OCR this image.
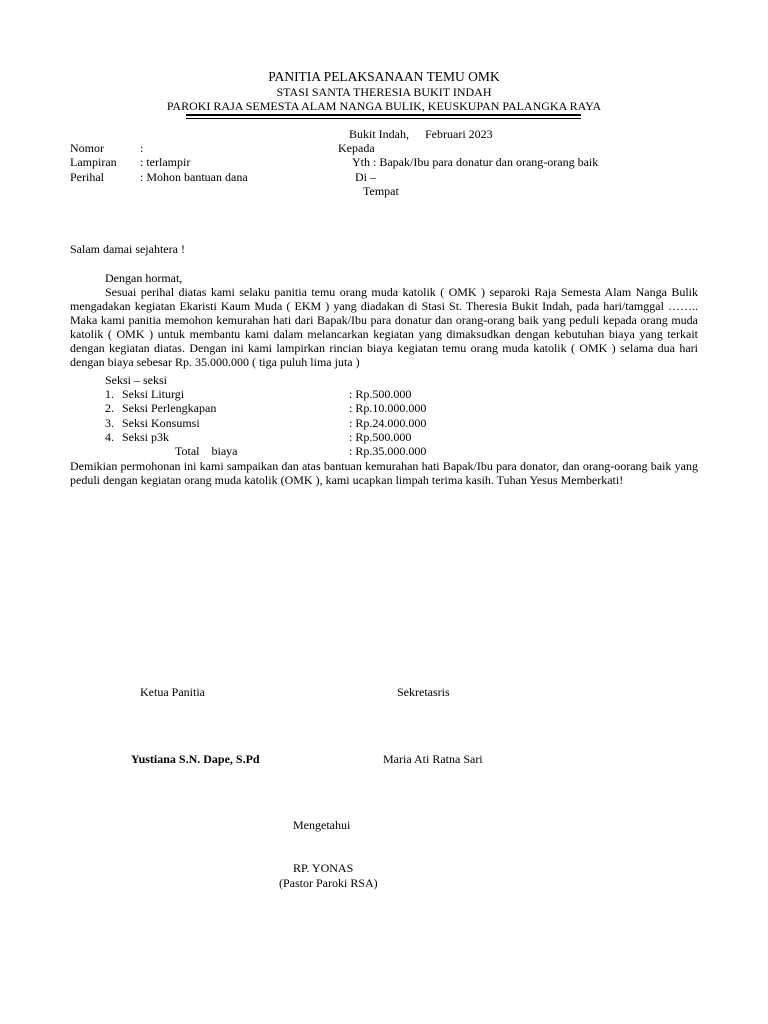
PANITIA PELAKSANAAN TEMU OMK
STASI SANTA THERESIA BUKIT INDAH
PAROKI RAJA SEMESTA ALAM NANGA BULIK, KEUSKUPAN PALANGKA RAYA
Bukit Indah, Februari 2023
Nomor	:
Lampiran : terlampir
Perihal	: Mohon bantuan dana
Kepada
Yth : Bapak/Ibu para donatur dan orang-orang baik
Di –
Tempat
Salam damai sejahtera !
Dengan hormat,
Sesuai perihal diatas kami selaku panitia temu orang muda katolik ( OMK ) separoki Raja Semesta Alam Nanga Bulik mengadakan kegiatan Ekaristi Kaum Muda ( EKM ) yang diadakan di Stasi St. Theresia Bukit Indah, pada hari/tamggal …….. Maka kami panitia memohon kemurahan hati dari Bapak/Ibu para donatur dan orang-orang baik yang peduli kepada orang muda katolik ( OMK ) untuk membantu kami dalam melancarkan kegiatan yang dimaksudkan dengan kebutuhan biaya yang terkait dengan kegiatan diatas. Dengan ini kami lampirkan rincian biaya kegiatan temu orang muda katolik ( OMK ) selama dua hari dengan biaya sebesar Rp. 35.000.000 ( tiga puluh lima juta )
Seksi – seksi
1. Seksi Liturgi	: Rp.500.000
2. Seksi Perlengkapan	: Rp.10.000.000
3. Seksi Konsumsi	: Rp.24.000.000
4. Seksi p3k	: Rp.500.000
Total    biaya	: Rp.35.000.000
Demikian permohonan ini kami sampaikan dan atas bantuan kemurahan hati Bapak/Ibu para donator, dan orang-oorang baik yang peduli dengan kegiatan orang muda katolik (OMK ), kami ucapkan limpah terima kasih. Tuhan Yesus Memberkati!
Ketua Panitia	Sekretasris
Yustiana S.N. Dape, S.Pd	Maria Ati Ratna Sari
Mengetahui
RP. YONAS
(Pastor Paroki RSA)
